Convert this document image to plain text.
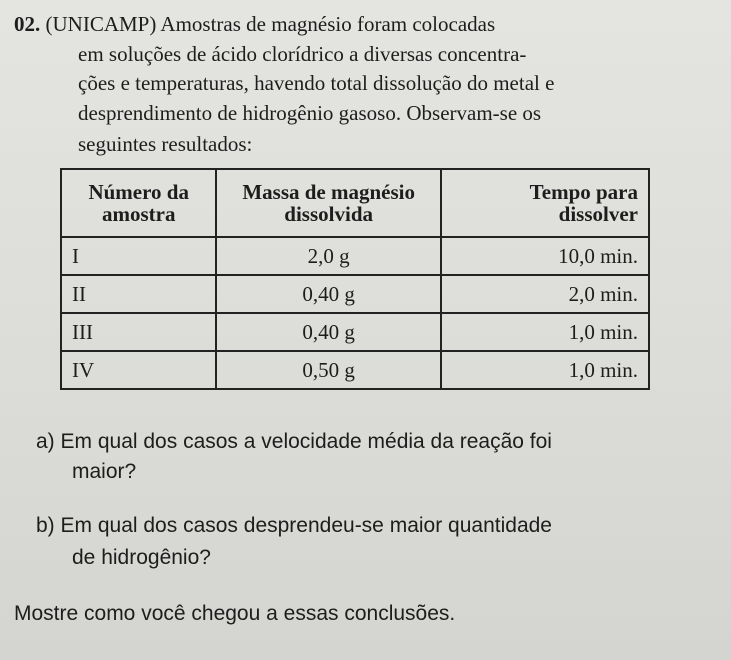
02. (UNICAMP) Amostras de magnésio foram colocadas
em soluções de ácido clorídrico a diversas concentra-
ções e temperaturas, havendo total dissolução do metal e
desprendimento de hidrogênio gasoso. Observam-se os
seguintes resultados:
Número da amostra	Massa de magnésio dissolvida	Tempo para dissolver
I	2,0 g	10,0 min.
II	0,40 g	2,0 min.
III	0,40 g	1,0 min.
IV	0,50 g	1,0 min.
a) Em qual dos casos a velocidade média da reação foi
maior?
b) Em qual dos casos desprendeu-se maior quantidade
de hidrogênio?
Mostre como você chegou a essas conclusões.
